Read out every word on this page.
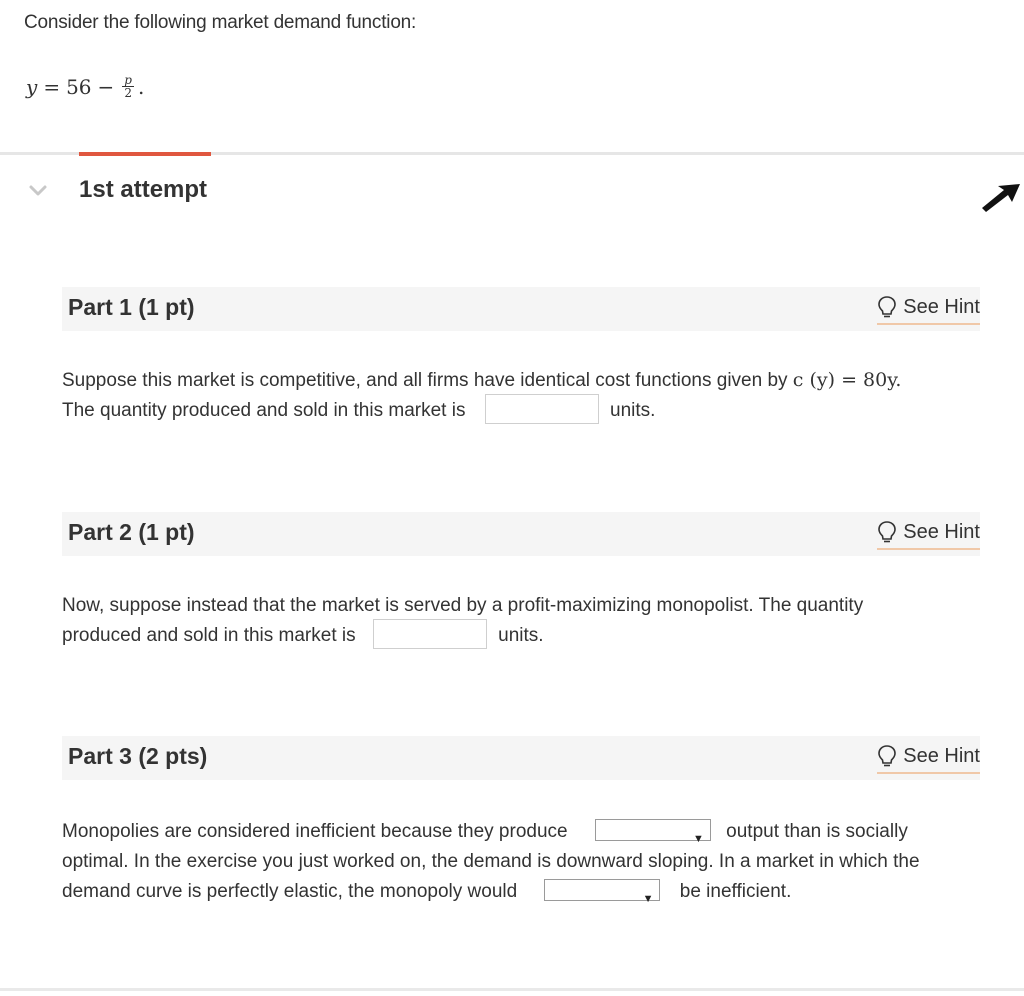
Consider the following market demand function:
$y = 56 - \frac{p}{2}$ .
1st attempt
Part 1 (1 pt)	See Hint
Suppose this market is competitive, and all firms have identical cost functions given by c (y) = 80y.
The quantity produced and sold in this market is	units.
Part 2 (1 pt)	See Hint
Now, suppose instead that the market is served by a profit-maximizing monopolist. The quantity
produced and sold in this market is	units.
Part 3 (2 pts)	See Hint
Monopolies are considered inefficient because they produce	▼ output than is socially
optimal. In the exercise you just worked on, the demand is downward sloping. In a market in which the
demand curve is perfectly elastic, the monopoly would	▼ be inefficient.
